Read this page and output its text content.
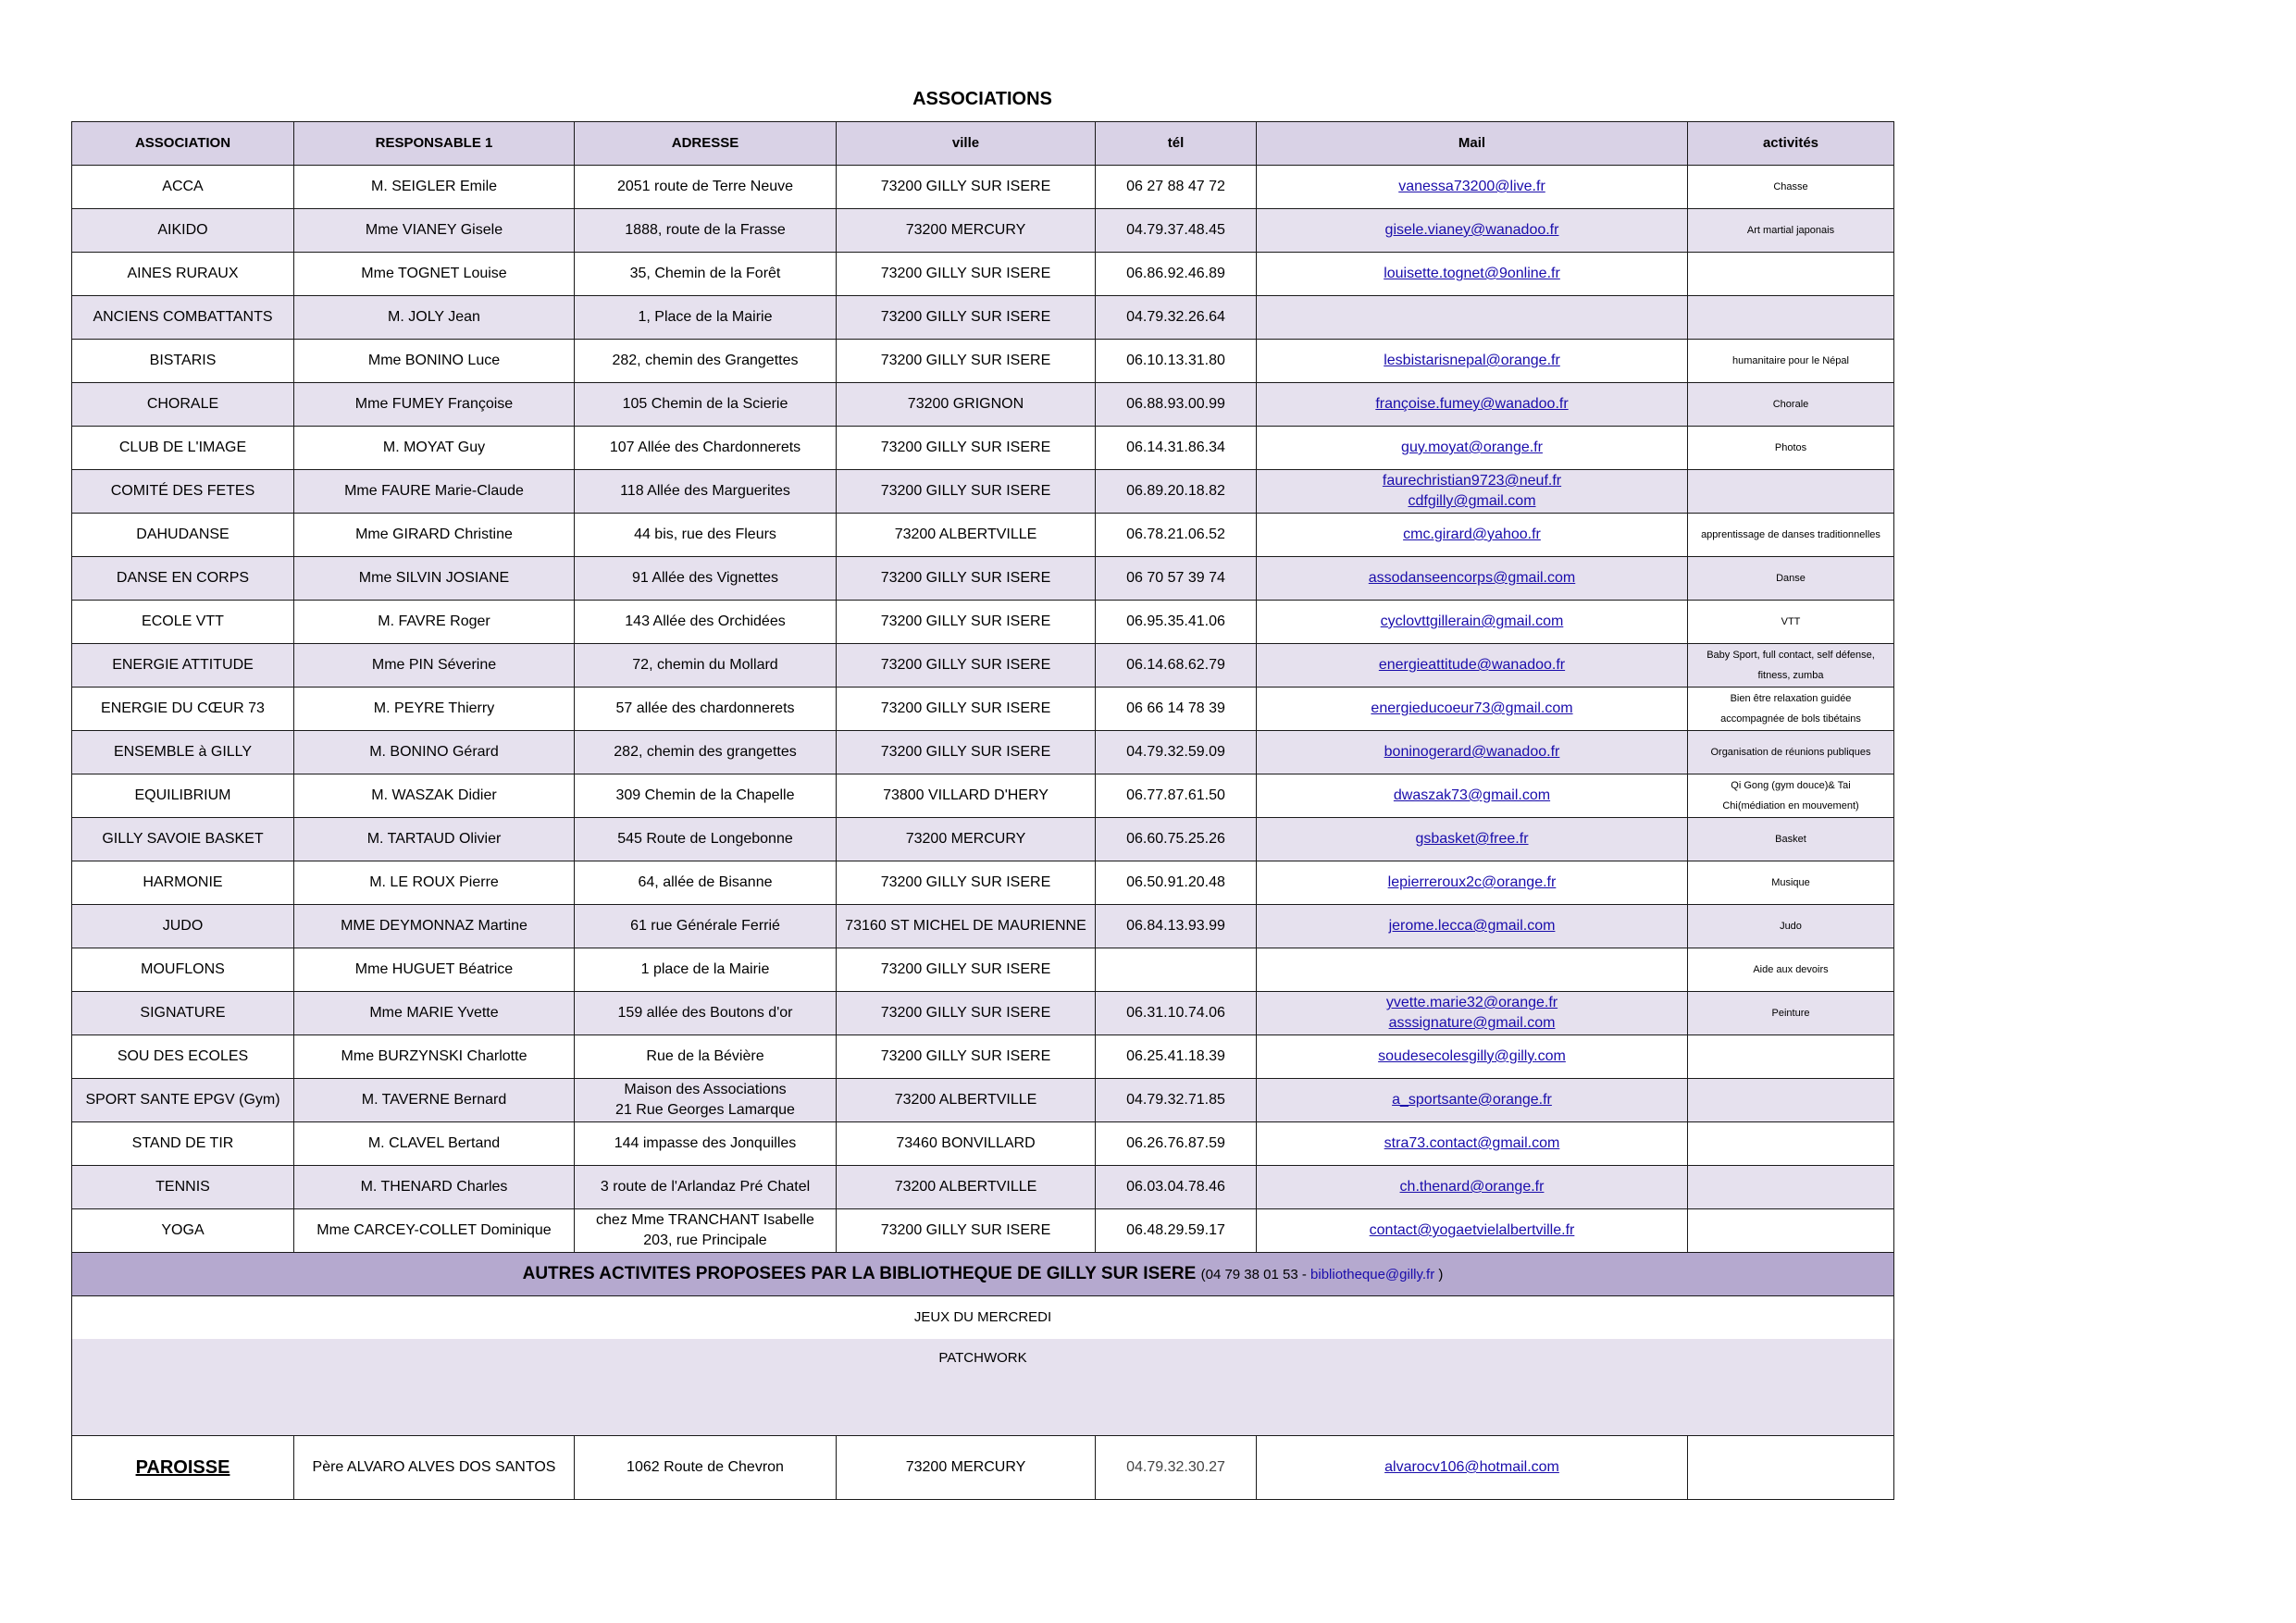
ASSOCIATIONS
ASSOCIATION	RESPONSABLE 1	ADRESSE	ville	tél	Mail	activités
ACCA	M. SEIGLER Emile	2051 route de Terre Neuve	73200 GILLY SUR ISERE	06 27 88 47 72	vanessa73200@live.fr	Chasse

AIKIDO	Mme VIANEY Gisele	1888, route de la Frasse	73200 MERCURY	04.79.37.48.45	gisele.vianey@wanadoo.fr	Art martial japonais

AINES RURAUX	Mme TOGNET Louise	35, Chemin de la Forêt	73200 GILLY SUR ISERE	06.86.92.46.89	louisette.tognet@9online.fr	

ANCIENS COMBATTANTS	M. JOLY Jean	1, Place de la Mairie	73200 GILLY SUR ISERE	04.79.32.26.64		

BISTARIS	Mme BONINO Luce	282, chemin des Grangettes	73200 GILLY SUR ISERE	06.10.13.31.80	lesbistarisnepal@orange.fr	humanitaire pour le Népal

CHORALE	Mme FUMEY Françoise	105 Chemin de la Scierie	73200 GRIGNON	06.88.93.00.99	françoise.fumey@wanadoo.fr	Chorale

CLUB DE L'IMAGE	M. MOYAT Guy	107 Allée des Chardonnerets	73200 GILLY SUR ISERE	06.14.31.86.34	guy.moyat@orange.fr	Photos

COMITÉ DES FETES	Mme FAURE Marie-Claude	118 Allée des Marguerites	73200 GILLY SUR ISERE	06.89.20.18.82	faurechristian9723@neuf.fr
cdfgilly@gmail.com	

DAHUDANSE	Mme GIRARD Christine	44 bis, rue des Fleurs	73200 ALBERTVILLE	06.78.21.06.52	cmc.girard@yahoo.fr	apprentissage de danses traditionnelles

DANSE EN CORPS	Mme SILVIN JOSIANE	91 Allée des Vignettes	73200 GILLY SUR ISERE	06 70 57 39 74	assodanseencorps@gmail.com	Danse

ECOLE VTT	M. FAVRE Roger	143 Allée des Orchidées	73200 GILLY SUR ISERE	06.95.35.41.06	cyclovttgillerain@gmail.com	VTT

ENERGIE ATTITUDE	Mme PIN Séverine	72, chemin du Mollard	73200 GILLY SUR ISERE	06.14.68.62.79	energieattitude@wanadoo.fr	Baby Sport, full contact, self défense,
fitness, zumba

ENERGIE DU CŒUR 73	M. PEYRE Thierry	57 allée des chardonnerets	73200 GILLY SUR ISERE	06 66 14 78 39	energieducoeur73@gmail.com	Bien être relaxation guidée
accompagnée de bols tibétains

ENSEMBLE à GILLY	M. BONINO Gérard	282, chemin des grangettes	73200 GILLY SUR ISERE	04.79.32.59.09	boninogerard@wanadoo.fr	Organisation de réunions publiques

EQUILIBRIUM	M. WASZAK Didier	309 Chemin de la Chapelle	73800 VILLARD D'HERY	06.77.87.61.50	dwaszak73@gmail.com	Qi Gong (gym douce)& Tai
Chi(médiation en mouvement)

GILLY SAVOIE BASKET	M. TARTAUD Olivier	545 Route de Longebonne	73200 MERCURY	06.60.75.25.26	gsbasket@free.fr	Basket

HARMONIE	M. LE ROUX Pierre	64, allée de Bisanne	73200 GILLY SUR ISERE	06.50.91.20.48	lepierreroux2c@orange.fr	Musique

JUDO	MME DEYMONNAZ Martine	61 rue Générale Ferrié	73160 ST MICHEL DE MAURIENNE	06.84.13.93.99	jerome.lecca@gmail.com	Judo

MOUFLONS	Mme HUGUET Béatrice	1 place de la Mairie	73200 GILLY SUR ISERE			Aide aux devoirs

SIGNATURE	Mme MARIE Yvette	159 allée des Boutons d'or	73200 GILLY SUR ISERE	06.31.10.74.06	yvette.marie32@orange.fr
asssignature@gmail.com	Peinture

SOU DES ECOLES	Mme BURZYNSKI Charlotte	Rue de la Bévière	73200 GILLY SUR ISERE	06.25.41.18.39	soudesecolesgilly@gilly.com	

SPORT SANTE EPGV (Gym)	M. TAVERNE Bernard	Maison des Associations
21 Rue Georges Lamarque	73200 ALBERTVILLE	04.79.32.71.85	a_sportsante@orange.fr	

STAND DE TIR	M. CLAVEL Bertand	144 impasse des Jonquilles	73460 BONVILLARD	06.26.76.87.59	stra73.contact@gmail.com	

TENNIS	M. THENARD Charles	3 route de l'Arlandaz Pré Chatel	73200 ALBERTVILLE	06.03.04.78.46	ch.thenard@orange.fr	

YOGA	Mme CARCEY-COLLET Dominique	chez Mme TRANCHANT Isabelle
203, rue Principale	73200 GILLY SUR ISERE	06.48.29.59.17	contact@yogaetvielalbertville.fr	

AUTRES ACTIVITES PROPOSEES PAR LA BIBLIOTHEQUE DE GILLY SUR ISERE (04 79 38 01 53 - bibliotheque@gilly.fr )						
JEUX DU MERCREDI						
PATCHWORK						
PAROISSE	Père ALVARO ALVES DOS SANTOS	1062 Route de Chevron	73200 MERCURY	04.79.32.30.27	alvarocv106@hotmail.com	
